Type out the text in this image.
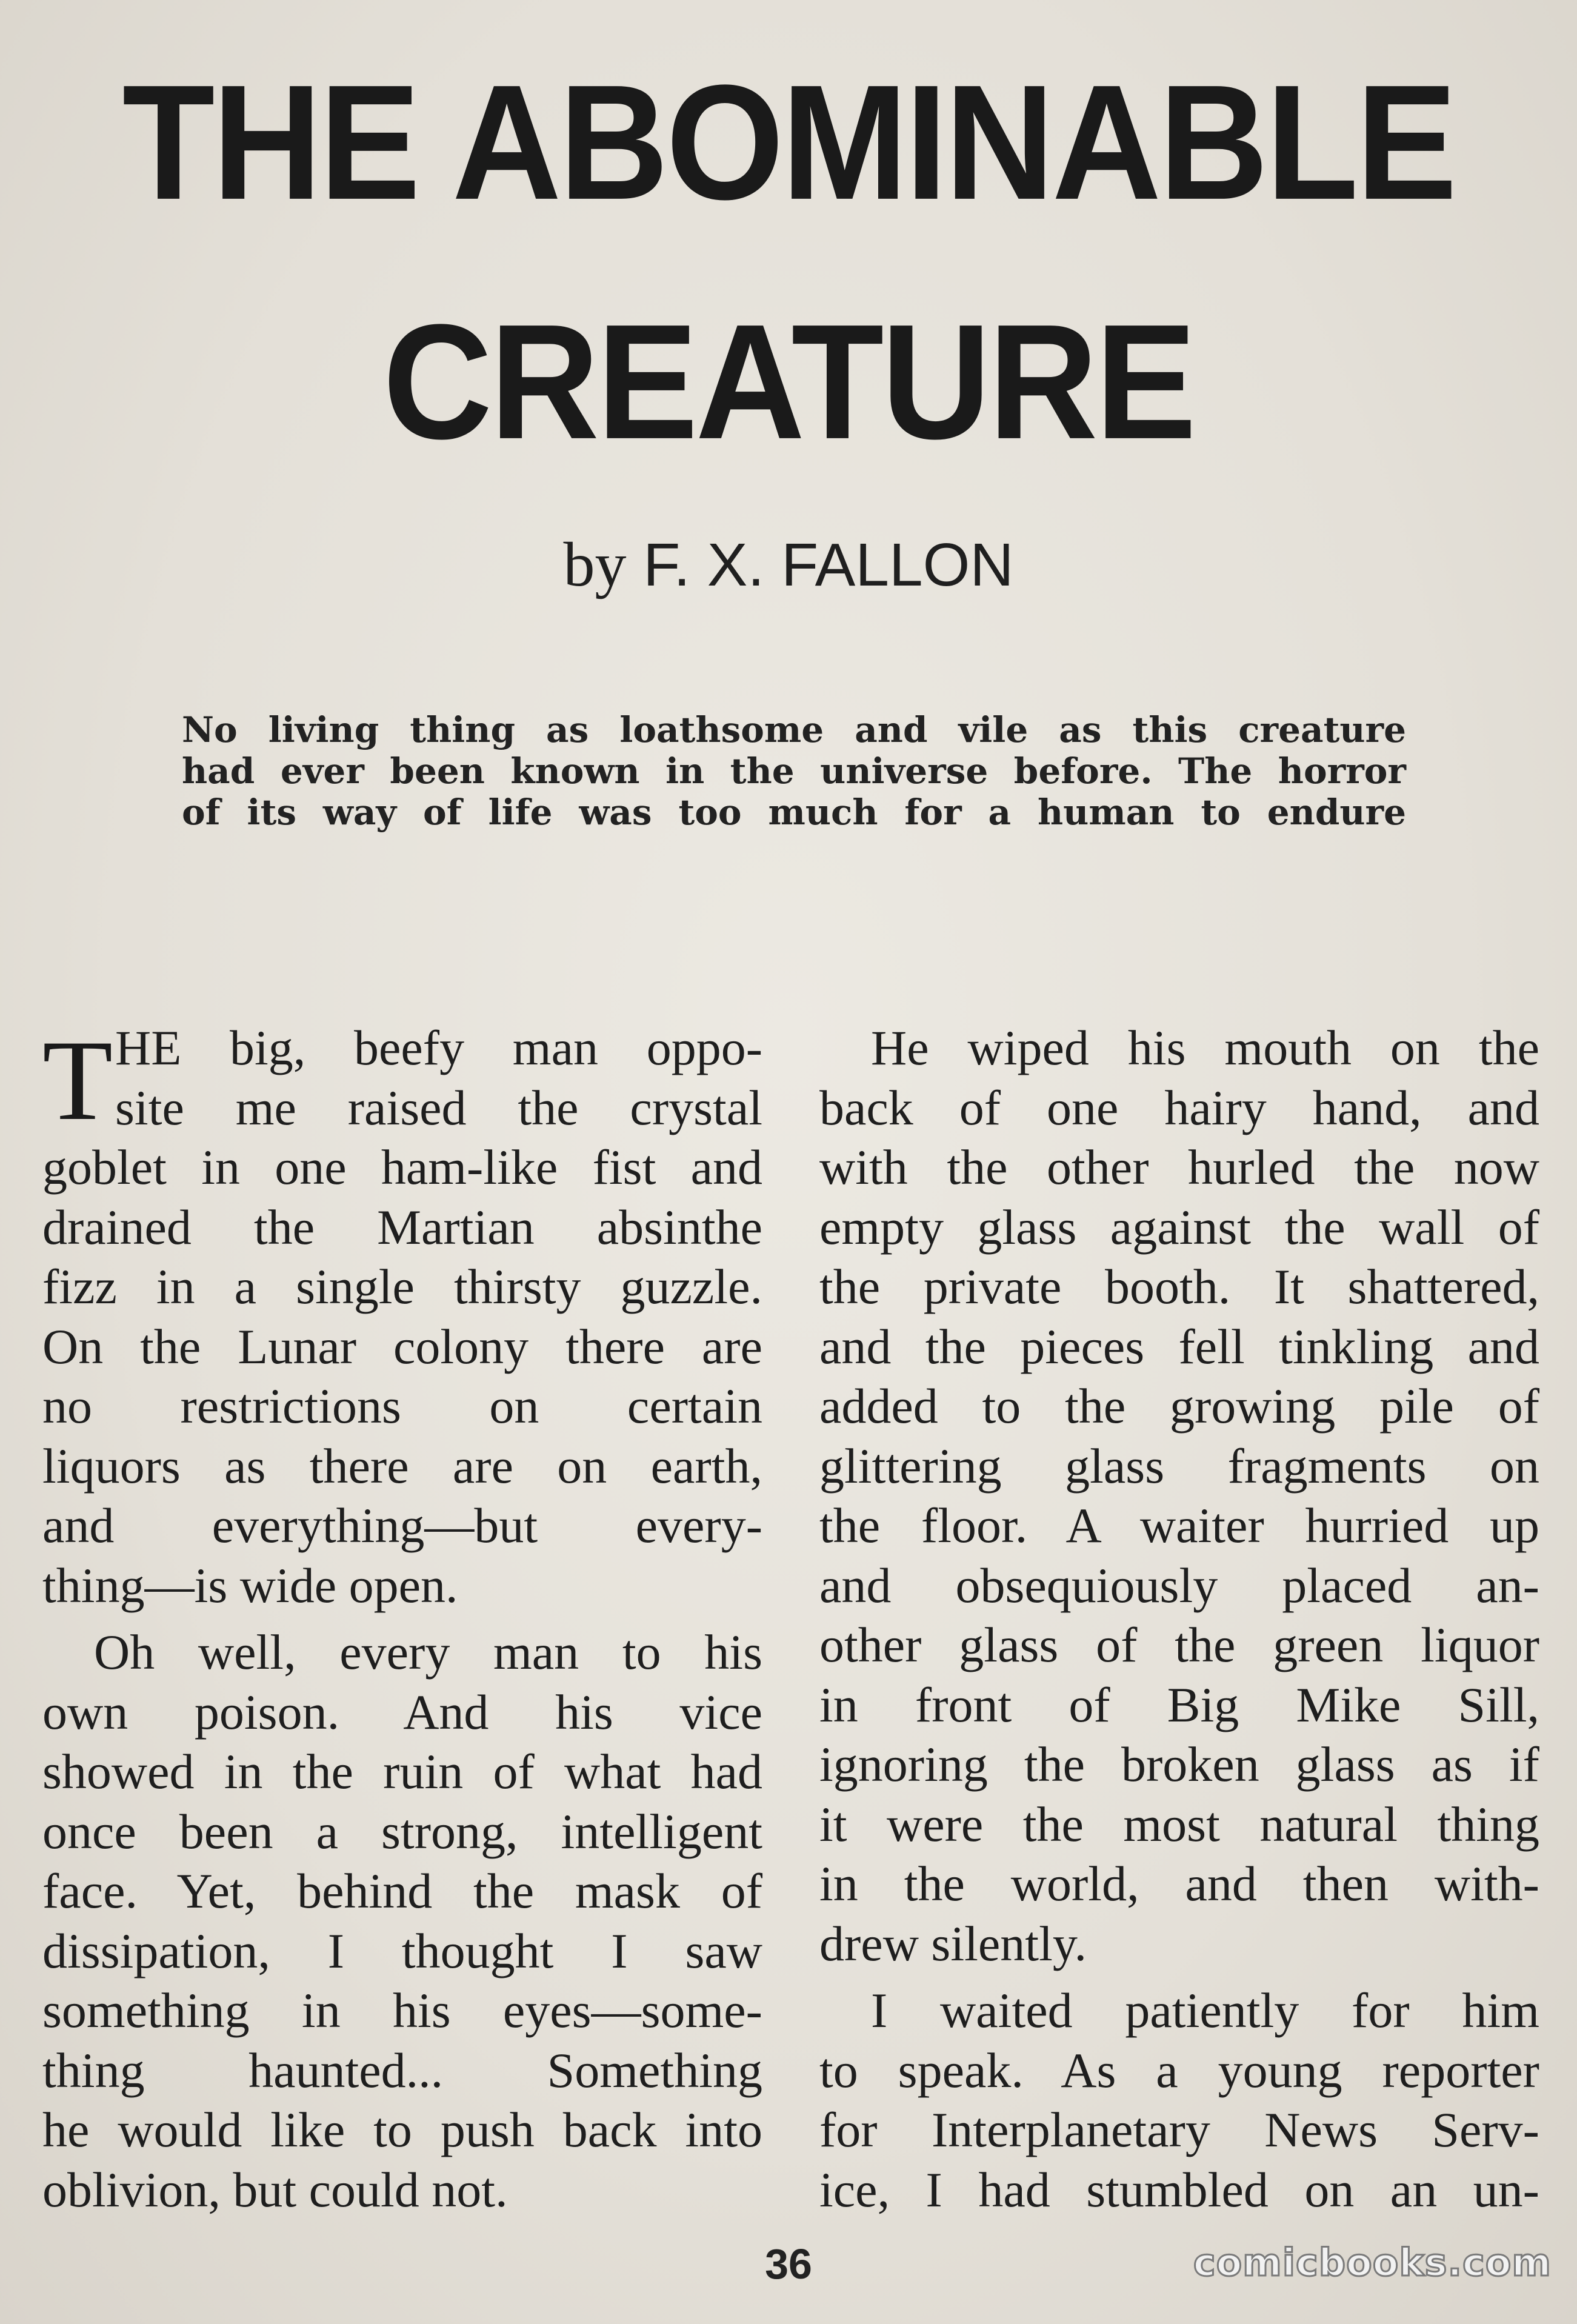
THE ABOMINABLE
CREATURE
by F. X. FALLON
No living thing as loathsome and vile as this creature
had ever been known in the universe before. The horror
of its way of life was too much for a human to endure

T HE big, beefy man oppo-
site me raised the crystal
goblet in one ham-like fist and
drained the Martian absinthe
fizz in a single thirsty guzzle.
On the Lunar colony there are
no restrictions on certain
liquors as there are on earth,
and everything—but every-
thing—is wide open.

Oh well, every man to his
own poison. And his vice
showed in the ruin of what had
once been a strong, intelligent
face. Yet, behind the mask of
dissipation, I thought I saw
something in his eyes—some-
thing haunted... Something
he would like to push back into
oblivion, but could not.

He wiped his mouth on the
back of one hairy hand, and
with the other hurled the now
empty glass against the wall of
the private booth. It shattered,
and the pieces fell tinkling and
added to the growing pile of
glittering glass fragments on
the floor. A waiter hurried up
and obsequiously placed an-
other glass of the green liquor
in front of Big Mike Sill,
ignoring the broken glass as if
it were the most natural thing
in the world, and then with-
drew silently.

I waited patiently for him
to speak. As a young reporter
for Interplanetary News Serv-
ice, I had stumbled on an un-

36	comicbooks.com
